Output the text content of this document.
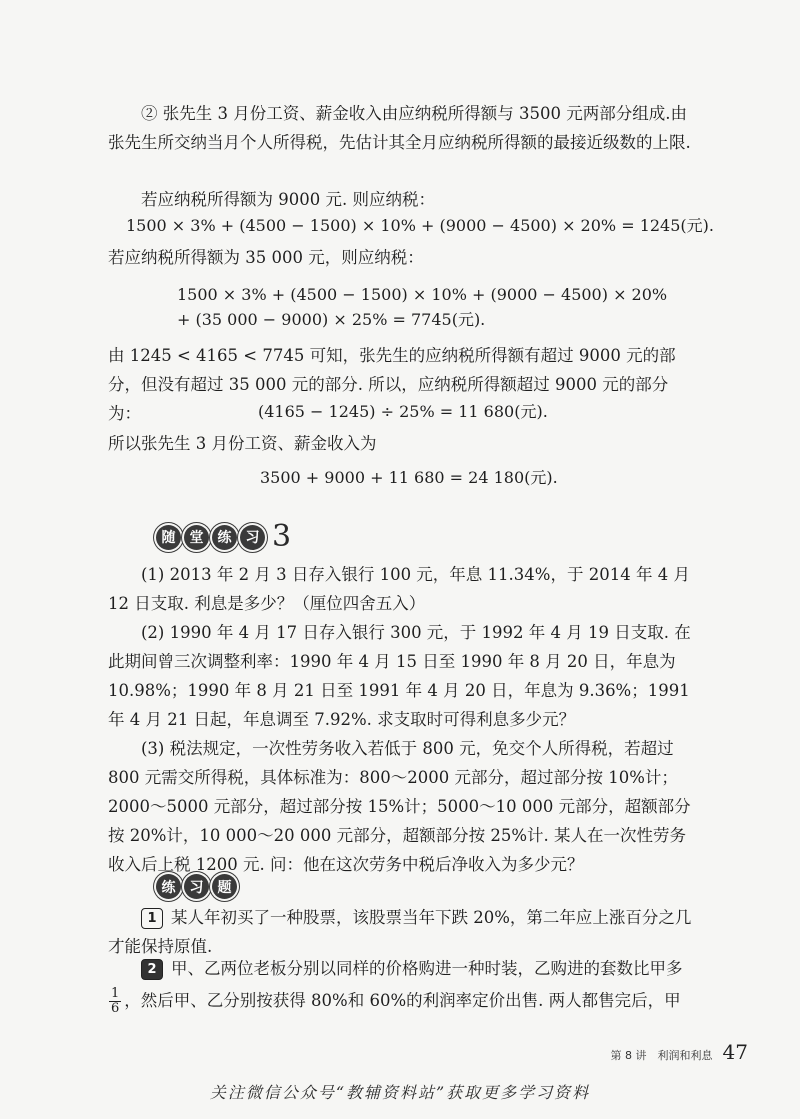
② 张先生 3 月份工资、薪金收入由应纳税所得额与 3500 元两部分组成.由张先生所交纳当月个人所得税，先估计其全月应纳税所得额的最接近级数的上限.

若应纳税所得额为 9000 元. 则应纳税：

1500 × 3% + (4500 − 1500) × 10% + (9000 − 4500) × 20% = 1245(元).

若应纳税所得额为 35 000 元，则应纳税：

1500 × 3% + (4500 − 1500) × 10% + (9000 − 4500) × 20%

+ (35 000 − 9000) × 25% = 7745(元).

由 1245 < 4165 < 7745 可知，张先生的应纳税所得额有超过 9000 元的部分，但没有超过 35 000 元的部分. 所以，应纳税所得额超过 9000 元的部分为：	(4165 − 1245) ÷ 25% = 11 680(元).

所以张先生 3 月份工资、薪金收入为

3500 + 9000 + 11 680 = 24 180(元).

随	堂	练	习 3

(1) 2013 年 2 月 3 日存入银行 100 元，年息 11.34%，于 2014 年 4 月 12 日支取. 利息是多少？（厘位四舍五入）

(2) 1990 年 4 月 17 日存入银行 300 元，于 1992 年 4 月 19 日支取. 在此期间曾三次调整利率：1990 年 4 月 15 日至 1990 年 8 月 20 日，年息为 10.98%；1990 年 8 月 21 日至 1991 年 4 月 20 日，年息为 9.36%；1991 年 4 月 21 日起，年息调至 7.92%. 求支取时可得利息多少元？

(3) 税法规定，一次性劳务收入若低于 800 元，免交个人所得税，若超过 800 元需交所得税，具体标准为：800～2000 元部分，超过部分按 10%计；2000～5000 元部分，超过部分按 15%计；5000～10 000 元部分，超额部分按 20%计，10 000～20 000 元部分，超额部分按 25%计. 某人在一次性劳务收入后上税 1200 元. 问：他在这次劳务中税后净收入为多少元？

练	习	题

1 某人年初买了一种股票，该股票当年下跌 20%，第二年应上涨百分之几才能保持原值.

2 甲、乙两位老板分别以同样的价格购进一种时装，乙购进的套数比甲多
$\frac{1}{6}$ ，然后甲、乙分别按获得 80%和 60%的利润率定价出售. 两人都售完后，甲

第 8 讲　利润和利息 47
关注微信公众号“教辅资料站”获取更多学习资料
